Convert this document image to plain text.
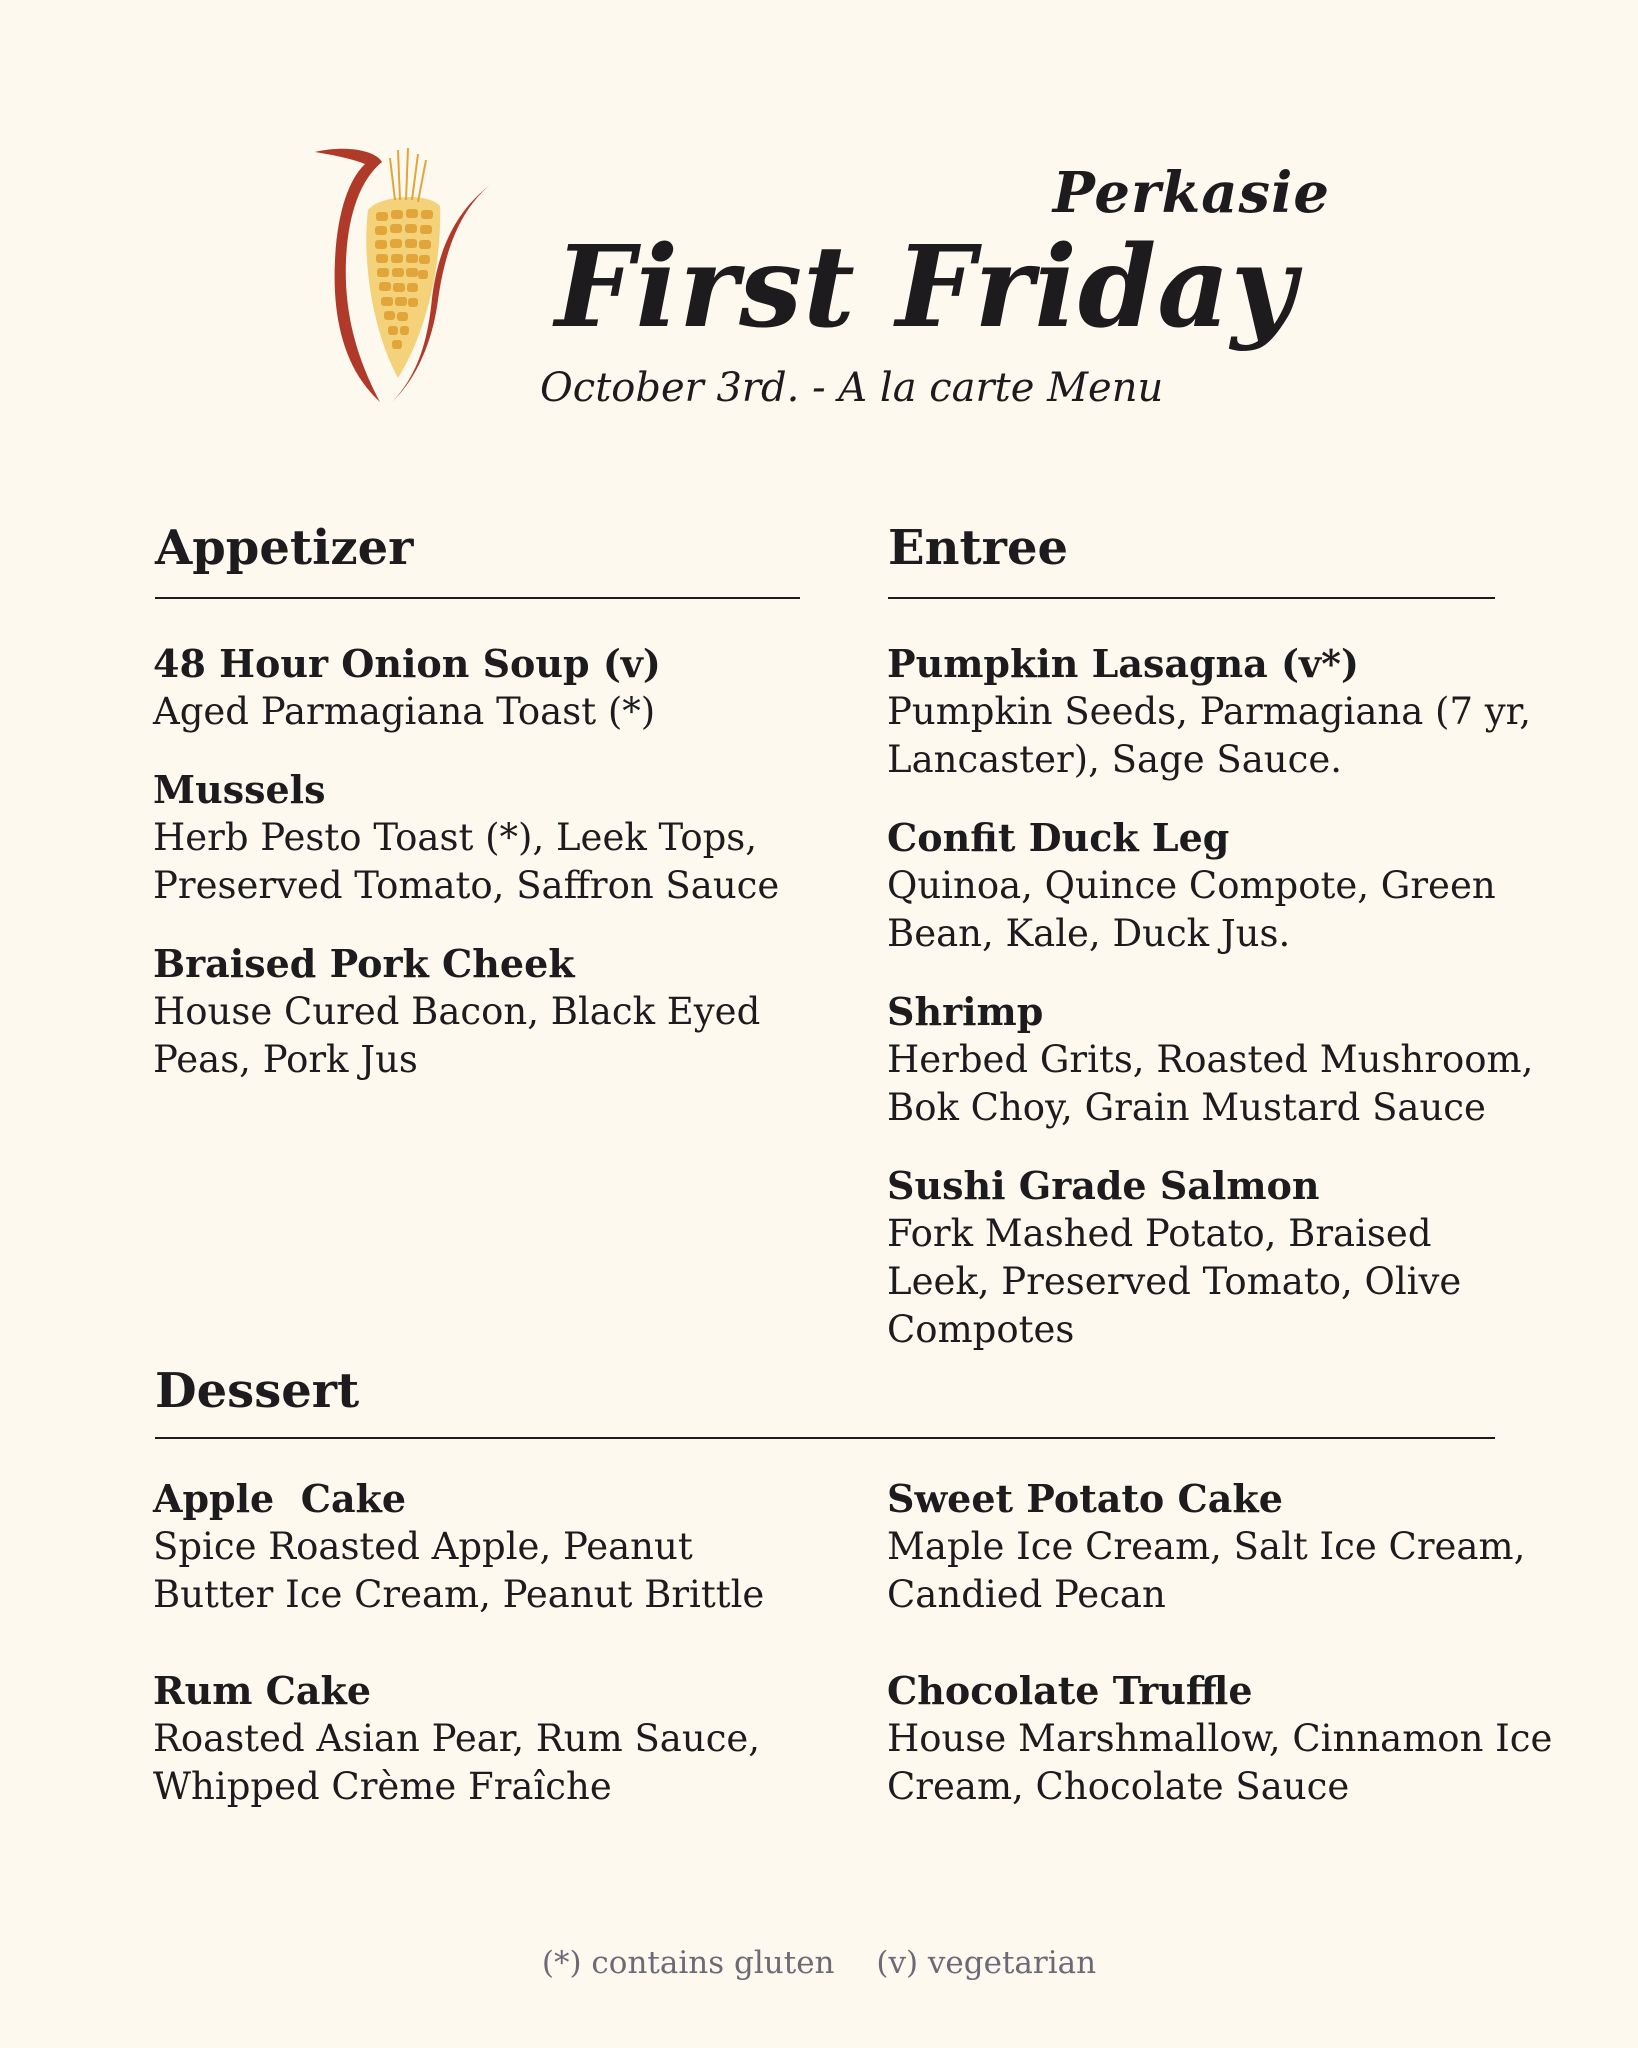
Perkasie
First Friday
October 3rd. - A la carte Menu
Appetizer
48 Hour Onion Soup (v)
Aged Parmagiana Toast (*)
Mussels
Herb Pesto Toast (*), Leek Tops, Preserved Tomato, Saffron Sauce
Braised Pork Cheek
House Cured Bacon, Black Eyed Peas, Pork Jus
Entree
Pumpkin Lasagna (v*)
Pumpkin Seeds, Parmagiana (7 yr, Lancaster), Sage Sauce.
Confit Duck Leg
Quinoa, Quince Compote, Green Bean, Kale, Duck Jus.
Shrimp
Herbed Grits, Roasted Mushroom, Bok Choy, Grain Mustard Sauce
Sushi Grade Salmon
Fork Mashed Potato, Braised Leek, Preserved Tomato, Olive Compotes
Dessert
Apple  Cake
Spice Roasted Apple, Peanut Butter Ice Cream, Peanut Brittle
Rum Cake
Roasted Asian Pear, Rum Sauce, Whipped Crème Fraîche
Sweet Potato Cake
Maple Ice Cream, Salt Ice Cream, Candied Pecan
Chocolate Truffle
House Marshmallow, Cinnamon Ice Cream, Chocolate Sauce
(*) contains gluten (v) vegetarian
